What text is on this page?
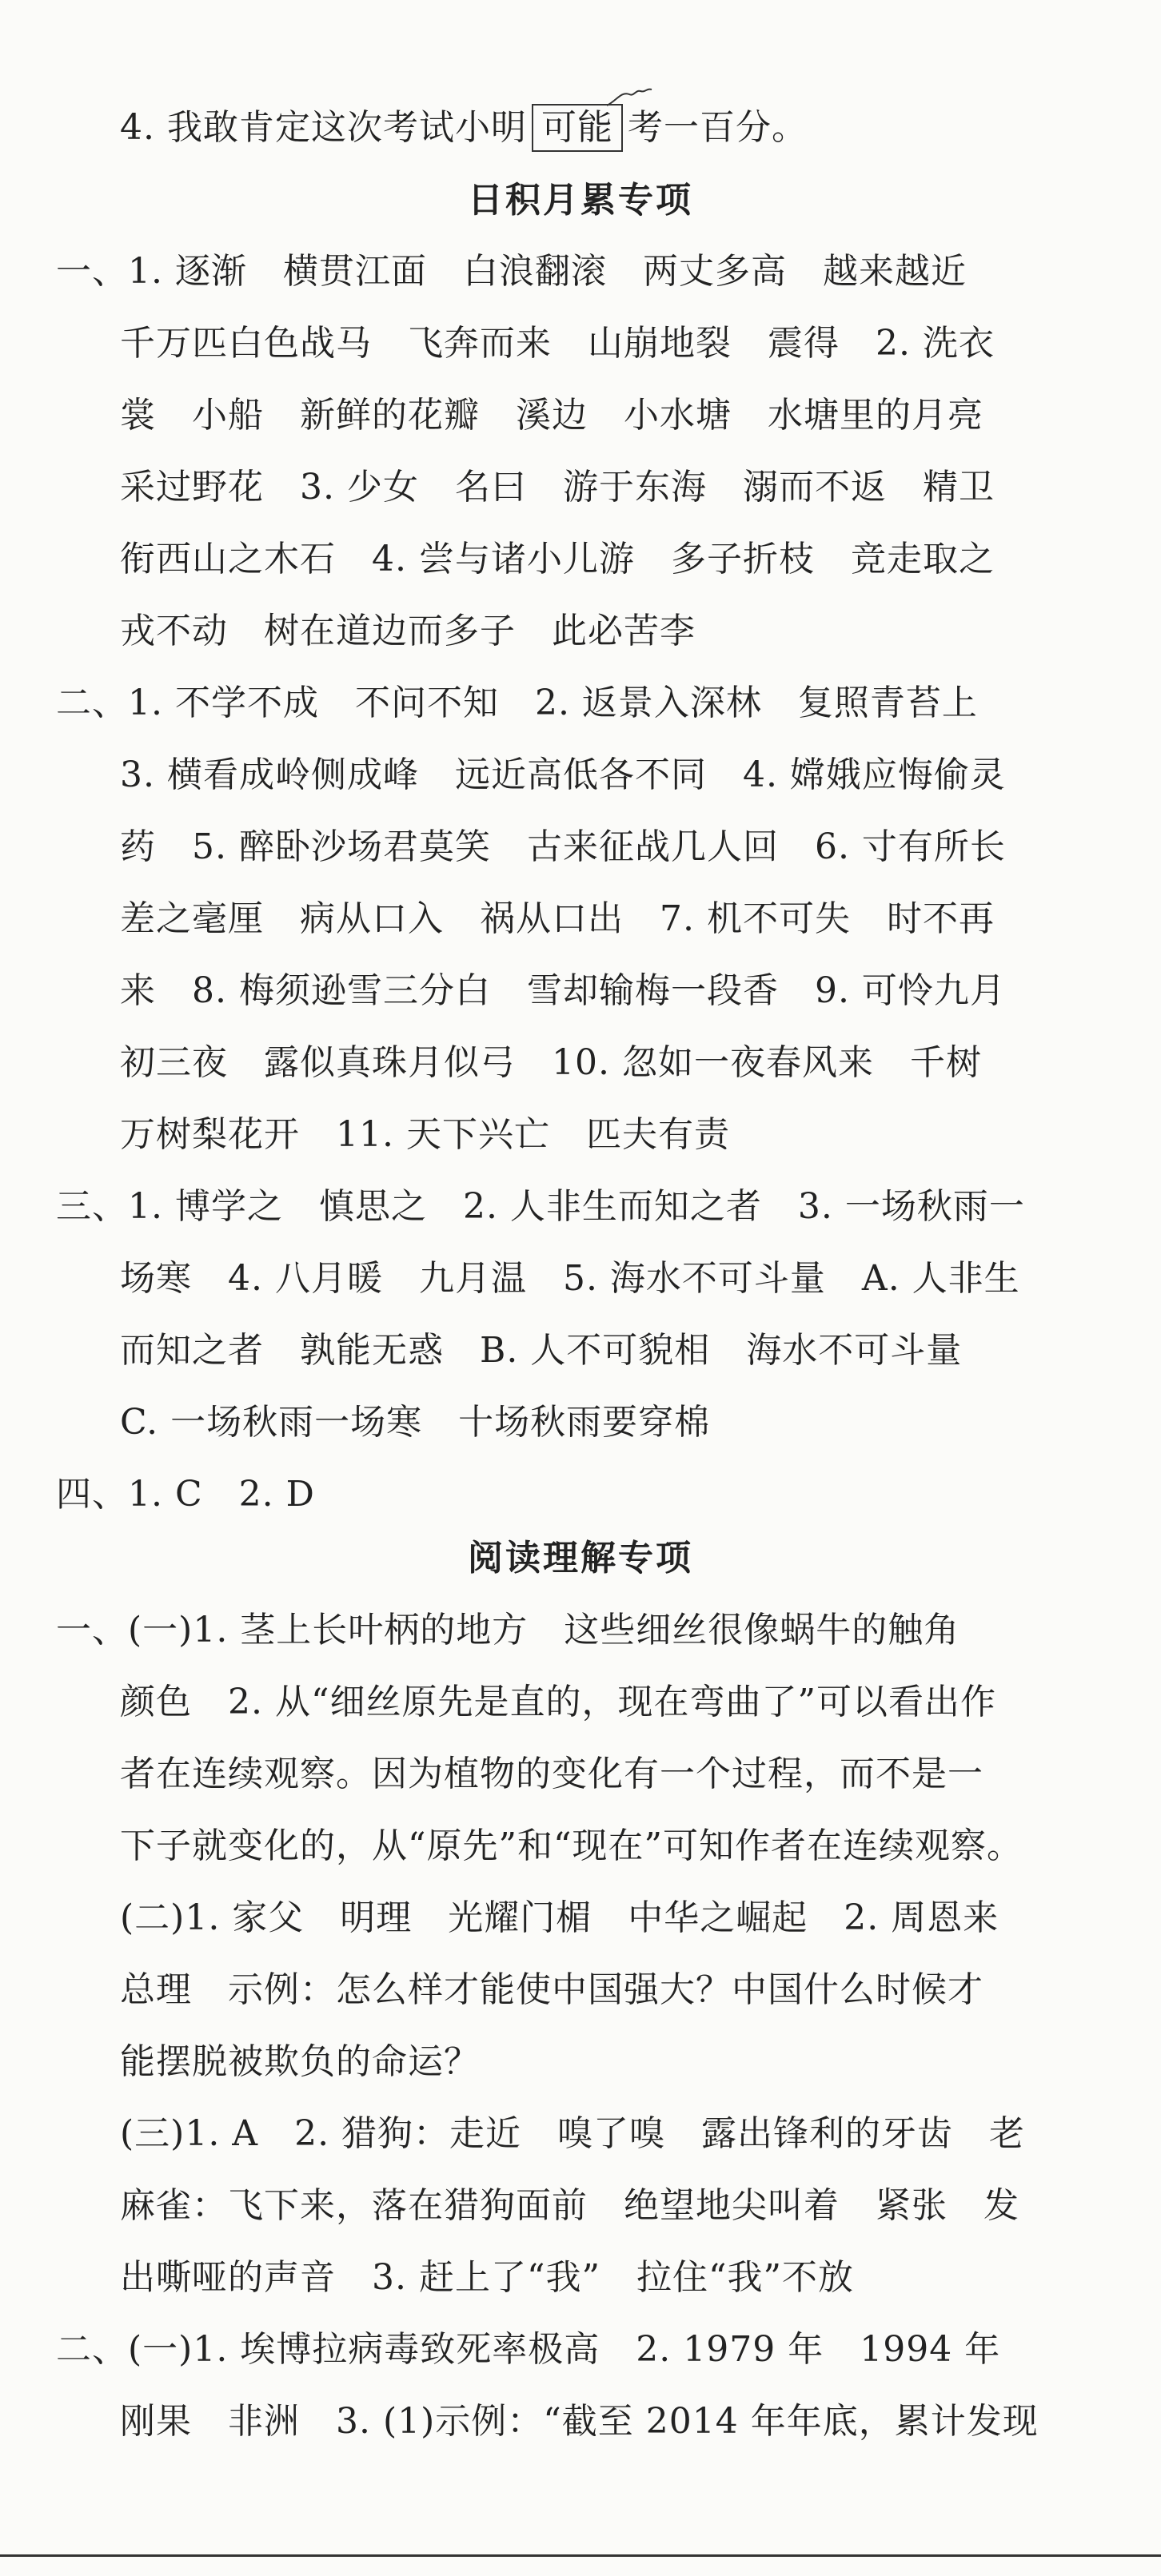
4. 我敢肯定这次考试小明 可能 考一百分。
日积月累专项
一、1. 逐渐　横贯江面　白浪翻滚　两丈多高　越来越近
千万匹白色战马　飞奔而来　山崩地裂　震得　2. 洗衣
裳　小船　新鲜的花瓣　溪边　小水塘　水塘里的月亮
采过野花　3. 少女　名曰　游于东海　溺而不返　精卫
衔西山之木石　4. 尝与诸小儿游　多子折枝　竞走取之
戎不动　树在道边而多子　此必苦李
二、1. 不学不成　不问不知　2. 返景入深林　复照青苔上
3. 横看成岭侧成峰　远近高低各不同　4. 嫦娥应悔偷灵
药　5. 醉卧沙场君莫笑　古来征战几人回　6. 寸有所长
差之毫厘　病从口入　祸从口出　7. 机不可失　时不再
来　8. 梅须逊雪三分白　雪却输梅一段香　9. 可怜九月
初三夜　露似真珠月似弓　10. 忽如一夜春风来　千树
万树梨花开　11. 天下兴亡　匹夫有责
三、1. 博学之　慎思之　2. 人非生而知之者　3. 一场秋雨一
场寒　4. 八月暖　九月温　5. 海水不可斗量　A. 人非生
而知之者　孰能无惑　B. 人不可貌相　海水不可斗量
C. 一场秋雨一场寒　十场秋雨要穿棉
四、1. C　2. D
阅读理解专项
一、(一)1. 茎上长叶柄的地方　这些细丝很像蜗牛的触角
颜色　2. 从“细丝原先是直的，现在弯曲了”可以看出作
者在连续观察。因为植物的变化有一个过程，而不是一
下子就变化的，从“原先”和“现在”可知作者在连续观察。
(二)1. 家父　明理　光耀门楣　中华之崛起　2. 周恩来
总理　示例：怎么样才能使中国强大？中国什么时候才
能摆脱被欺负的命运？
(三)1. A　2. 猎狗：走近　嗅了嗅　露出锋利的牙齿　老
麻雀：飞下来，落在猎狗面前　绝望地尖叫着　紧张　发
出嘶哑的声音　3. 赶上了“我”　拉住“我”不放
二、(一)1. 埃博拉病毒致死率极高　2. 1979 年　1994 年
刚果　非洲　3. (1)示例：“截至 2014 年年底，累计发现
